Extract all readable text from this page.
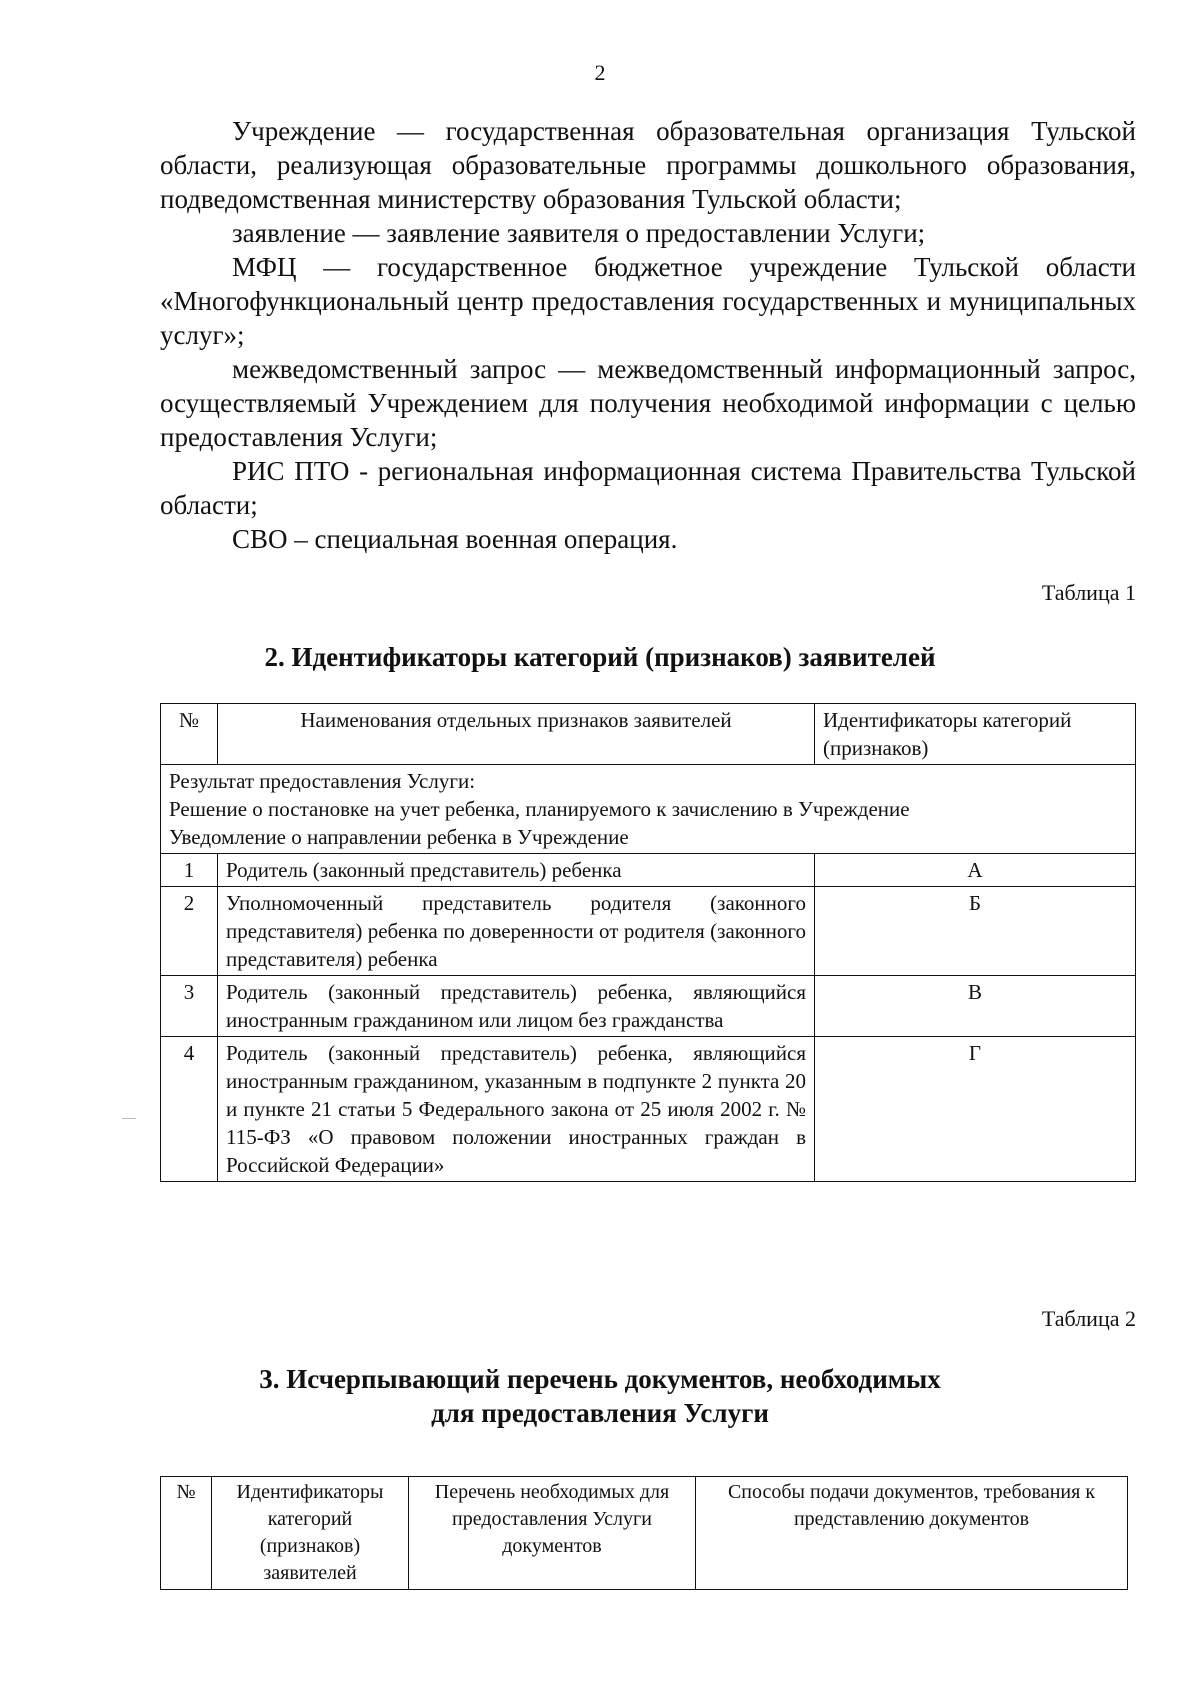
2

Учреждение — государственная образовательная организация Тульской области, реализующая образовательные программы дошкольного образования, подведомственная министерству образования Тульской области;

заявление — заявление заявителя о предоставлении Услуги;

МФЦ — государственное бюджетное учреждение Тульской области «Многофункциональный центр предоставления государственных и муниципальных услуг»;

межведомственный запрос — межведомственный информационный запрос, осуществляемый Учреждением для получения необходимой информации с целью предоставления Услуги;

РИС ПТО - региональная информационная система Правительства Тульской области;

СВО – специальная военная операция.

Таблица 1
2. Идентификаторы категорий (признаков) заявителей
№	Наименования отдельных признаков заявителей	Идентификаторы категорий (признаков)

Результат предоставления Услуги:
Решение о постановке на учет ребенка, планируемого к зачислению в Учреждение
Уведомление о направлении ребенка в Учреждение		

1	Родитель (законный представитель) ребенка	А
2	Уполномоченный представитель родителя (законного представителя) ребенка по доверенности от родителя (законного представителя) ребенка	Б
3	Родитель (законный представитель) ребенка, являющийся иностранным гражданином или лицом без гражданства	В
4	Родитель (законный представитель) ребенка, являющийся иностранным гражданином, указанным в подпункте 2 пункта 20 и пункте 21 статьи 5 Федерального закона от 25 июля 2002 г. № 115-ФЗ «О правовом положении иностранных граждан в Российской Федерации»	Г
Таблица 2
3. Исчерпывающий перечень документов, необходимых
для предоставления Услуги
№	Идентификаторы категорий (признаков) заявителей	Перечень необходимых для предоставления Услуги документов	Способы подачи документов, требования к представлению документов
